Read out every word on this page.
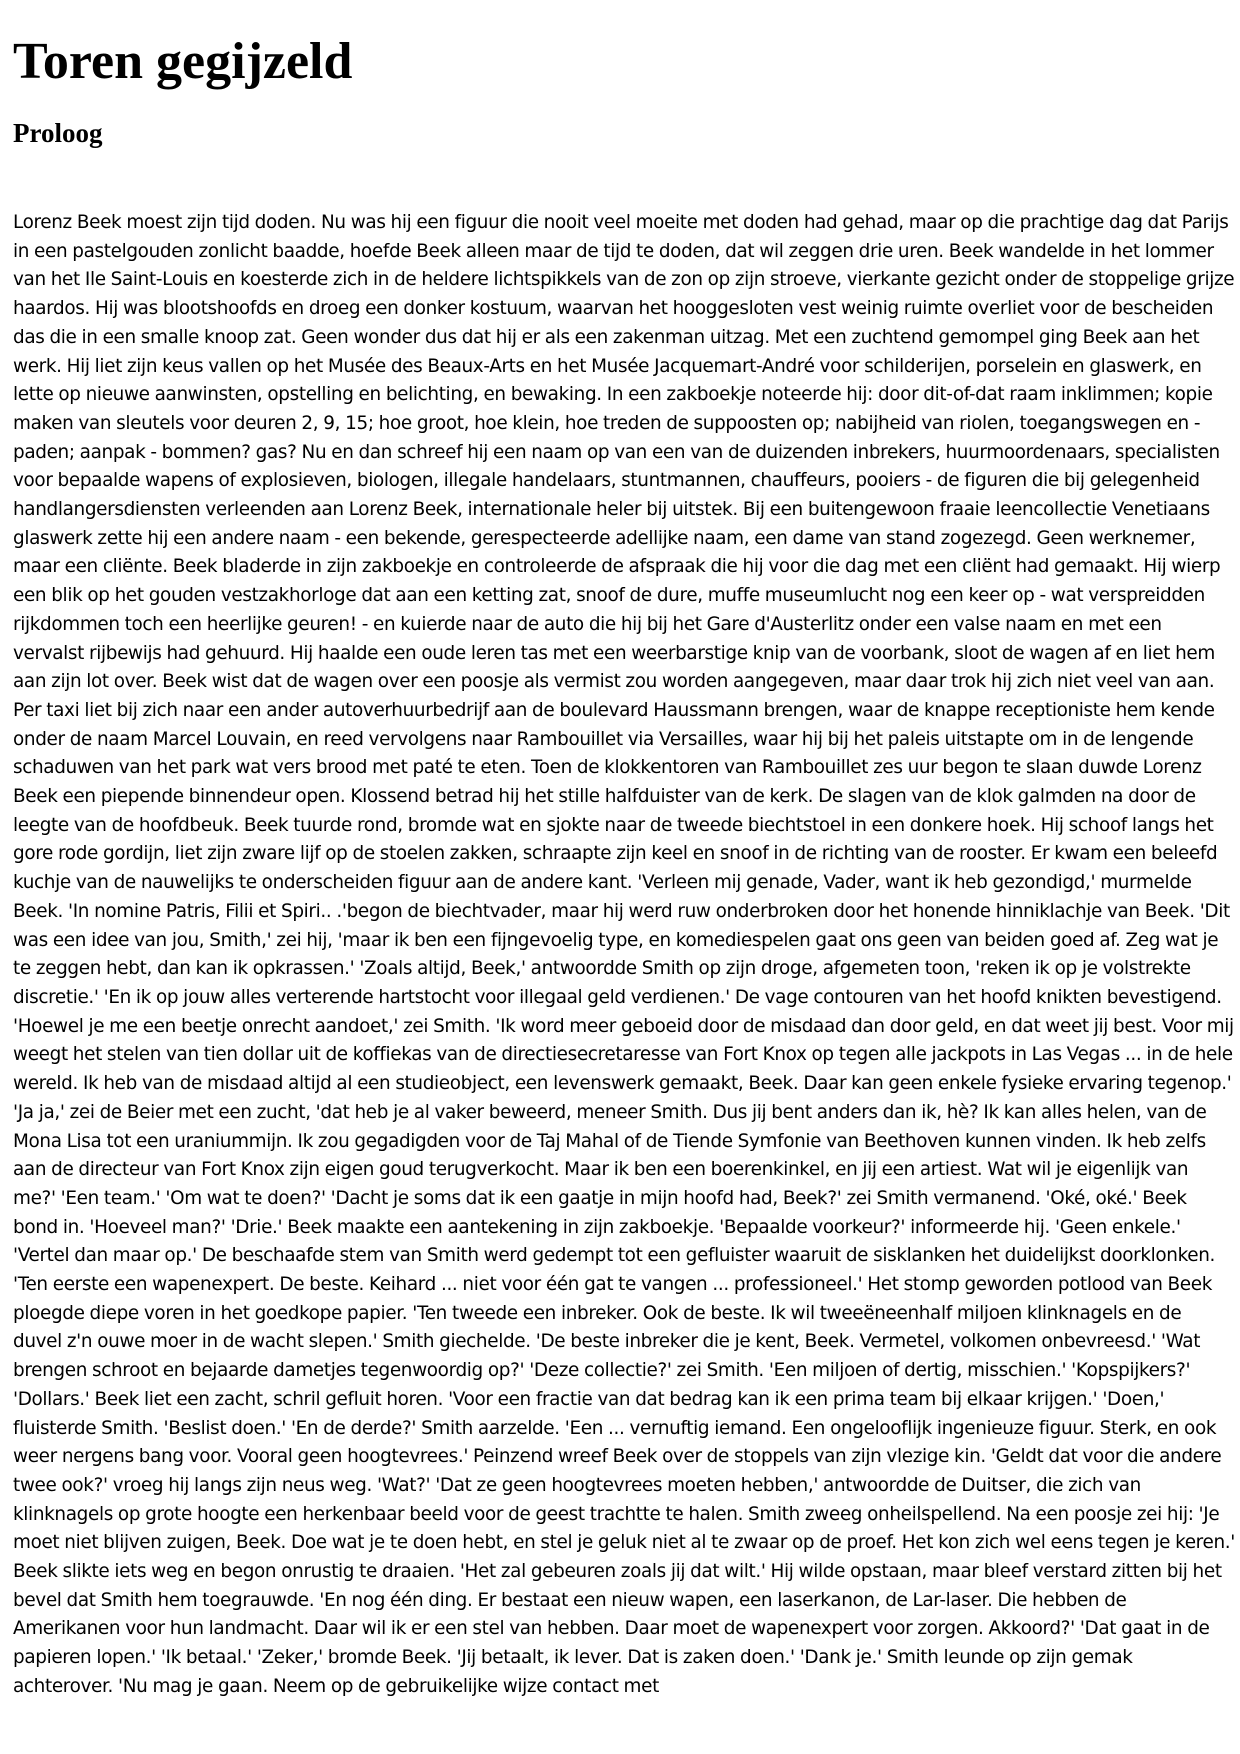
Toren gegijzeld
Proloog

Lorenz Beek moest zijn tijd doden. Nu was hij een figuur die nooit veel moeite met doden had gehad, maar op die prachtige dag dat Parijs in een pastelgouden zonlicht baadde, hoefde Beek alleen maar de tijd te doden, dat wil zeggen drie uren. Beek wandelde in het lommer van het Ile Saint-Louis en koesterde zich in de heldere lichtspikkels van de zon op zijn stroeve, vierkante gezicht onder de stoppelige grijze haardos. Hij was blootshoofds en droeg een donker kostuum, waarvan het hooggesloten vest weinig ruimte overliet voor de bescheiden das die in een smalle knoop zat. Geen wonder dus dat hij er als een zakenman uitzag. Met een zuchtend gemompel ging Beek aan het werk. Hij liet zijn keus vallen op het Musée des Beaux-Arts en het Musée Jacquemart-André voor schilderijen, porselein en glaswerk, en lette op nieuwe aanwinsten, opstelling en belichting, en bewaking. In een zakboekje noteerde hij: door dit-of-dat raam inklimmen; kopie maken van sleutels voor deuren 2, 9, 15; hoe groot, hoe klein, hoe treden de suppoosten op; nabijheid van riolen, toegangswegen en -paden; aanpak - bommen? gas? Nu en dan schreef hij een naam op van een van de duizenden inbrekers, huurmoordenaars, specialisten voor bepaalde wapens of explosieven, biologen, illegale handelaars, stuntmannen, chauffeurs, pooiers - de figuren die bij gelegenheid handlangersdiensten verleenden aan Lorenz Beek, internationale heler bij uitstek. Bij een buitengewoon fraaie leencollectie Venetiaans glaswerk zette hij een andere naam - een bekende, gerespecteerde adellijke naam, een dame van stand zogezegd. Geen werknemer, maar een cliënte. Beek bladerde in zijn zakboekje en controleerde de afspraak die hij voor die dag met een cliënt had gemaakt. Hij wierp een blik op het gouden vestzakhorloge dat aan een ketting zat, snoof de dure, muffe museumlucht nog een keer op - wat verspreidden rijkdommen toch een heerlijke geuren! - en kuierde naar de auto die hij bij het Gare d'Austerlitz onder een valse naam en met een vervalst rijbewijs had gehuurd. Hij haalde een oude leren tas met een weerbarstige knip van de voorbank, sloot de wagen af en liet hem aan zijn lot over. Beek wist dat de wagen over een poosje als vermist zou worden aangegeven, maar daar trok hij zich niet veel van aan. Per taxi liet bij zich naar een ander autoverhuurbedrijf aan de boulevard Haussmann brengen, waar de knappe receptioniste hem kende onder de naam Marcel Louvain, en reed vervolgens naar Rambouillet via Versailles, waar hij bij het paleis uitstapte om in de lengende schaduwen van het park wat vers brood met paté te eten. Toen de klokkentoren van Rambouillet zes uur begon te slaan duwde Lorenz Beek een piepende binnendeur open. Klossend betrad hij het stille halfduister van de kerk. De slagen van de klok galmden na door de leegte van de hoofdbeuk. Beek tuurde rond, bromde wat en sjokte naar de tweede biechtstoel in een donkere hoek. Hij schoof langs het gore rode gordijn, liet zijn zware lijf op de stoelen zakken, schraapte zijn keel en snoof in de richting van de rooster. Er kwam een beleefd kuchje van de nauwelijks te onderscheiden figuur aan de andere kant. 'Verleen mij genade, Vader, want ik heb gezondigd,' murmelde Beek. 'In nomine Patris, Filii et Spiri.. .'begon de biechtvader, maar hij werd ruw onderbroken door het honende hinniklachje van Beek. 'Dit was een idee van jou, Smith,' zei hij, 'maar ik ben een fijngevoelig type, en komediespelen gaat ons geen van beiden goed af. Zeg wat je te zeggen hebt, dan kan ik opkrassen.' 'Zoals altijd, Beek,' antwoordde Smith op zijn droge, afgemeten toon, 'reken ik op je volstrekte discretie.' 'En ik op jouw alles verterende hartstocht voor illegaal geld verdienen.' De vage contouren van het hoofd knikten bevestigend. 'Hoewel je me een beetje onrecht aandoet,' zei Smith. 'Ik word meer geboeid door de misdaad dan door geld, en dat weet jij best. Voor mij weegt het stelen van tien dollar uit de koffiekas van de directiesecretaresse van Fort Knox op tegen alle jackpots in Las Vegas ... in de hele wereld. Ik heb van de misdaad altijd al een studieobject, een levenswerk gemaakt, Beek. Daar kan geen enkele fysieke ervaring tegenop.' 'Ja ja,' zei de Beier met een zucht, 'dat heb je al vaker beweerd, meneer Smith. Dus jij bent anders dan ik, hè? Ik kan alles helen, van de Mona Lisa tot een uraniummijn. Ik zou gegadigden voor de Taj Mahal of de Tiende Symfonie van Beethoven kunnen vinden. Ik heb zelfs aan de directeur van Fort Knox zijn eigen goud terugverkocht. Maar ik ben een boerenkinkel, en jij een artiest. Wat wil je eigenlijk van me?' 'Een team.' 'Om wat te doen?' 'Dacht je soms dat ik een gaatje in mijn hoofd had, Beek?' zei Smith vermanend. 'Oké, oké.' Beek bond in. 'Hoeveel man?' 'Drie.' Beek maakte een aantekening in zijn zakboekje. 'Bepaalde voorkeur?' informeerde hij. 'Geen enkele.' 'Vertel dan maar op.' De beschaafde stem van Smith werd gedempt tot een gefluister waaruit de sisklanken het duidelijkst doorklonken. 'Ten eerste een wapenexpert. De beste. Keihard ... niet voor één gat te vangen ... professioneel.' Het stomp geworden potlood van Beek ploegde diepe voren in het goedkope papier. 'Ten tweede een inbreker. Ook de beste. Ik wil tweeëneenhalf miljoen klinknagels en de duvel z'n ouwe moer in de wacht slepen.' Smith giechelde. 'De beste inbreker die je kent, Beek. Vermetel, volkomen onbevreesd.' 'Wat brengen schroot en bejaarde dametjes tegenwoordig op?' 'Deze collectie?' zei Smith. 'Een miljoen of dertig, misschien.' 'Kopspijkers?' 'Dollars.' Beek liet een zacht, schril gefluit horen. 'Voor een fractie van dat bedrag kan ik een prima team bij elkaar krijgen.' 'Doen,' fluisterde Smith. 'Beslist doen.' 'En de derde?' Smith aarzelde. 'Een ... vernuftig iemand. Een ongelooflijk ingenieuze figuur. Sterk, en ook weer nergens bang voor. Vooral geen hoogtevrees.' Peinzend wreef Beek over de stoppels van zijn vlezige kin. 'Geldt dat voor die andere twee ook?' vroeg hij langs zijn neus weg. 'Wat?' 'Dat ze geen hoogtevrees moeten hebben,' antwoordde de Duitser, die zich van klinknagels op grote hoogte een herkenbaar beeld voor de geest trachtte te halen. Smith zweeg onheilspellend. Na een poosje zei hij: 'Je moet niet blijven zuigen, Beek. Doe wat je te doen hebt, en stel je geluk niet al te zwaar op de proef. Het kon zich wel eens tegen je keren.' Beek slikte iets weg en begon onrustig te draaien. 'Het zal gebeuren zoals jij dat wilt.' Hij wilde opstaan, maar bleef verstard zitten bij het bevel dat Smith hem toegrauwde. 'En nog één ding. Er bestaat een nieuw wapen, een laserkanon, de Lar-laser. Die hebben de Amerikanen voor hun landmacht. Daar wil ik er een stel van hebben. Daar moet de wapenexpert voor zorgen. Akkoord?' 'Dat gaat in de papieren lopen.' 'Ik betaal.' 'Zeker,' bromde Beek. 'Jij betaalt, ik lever. Dat is zaken doen.' 'Dank je.' Smith leunde op zijn gemak achterover. 'Nu mag je gaan. Neem op de gebruikelijke wijze contact met
